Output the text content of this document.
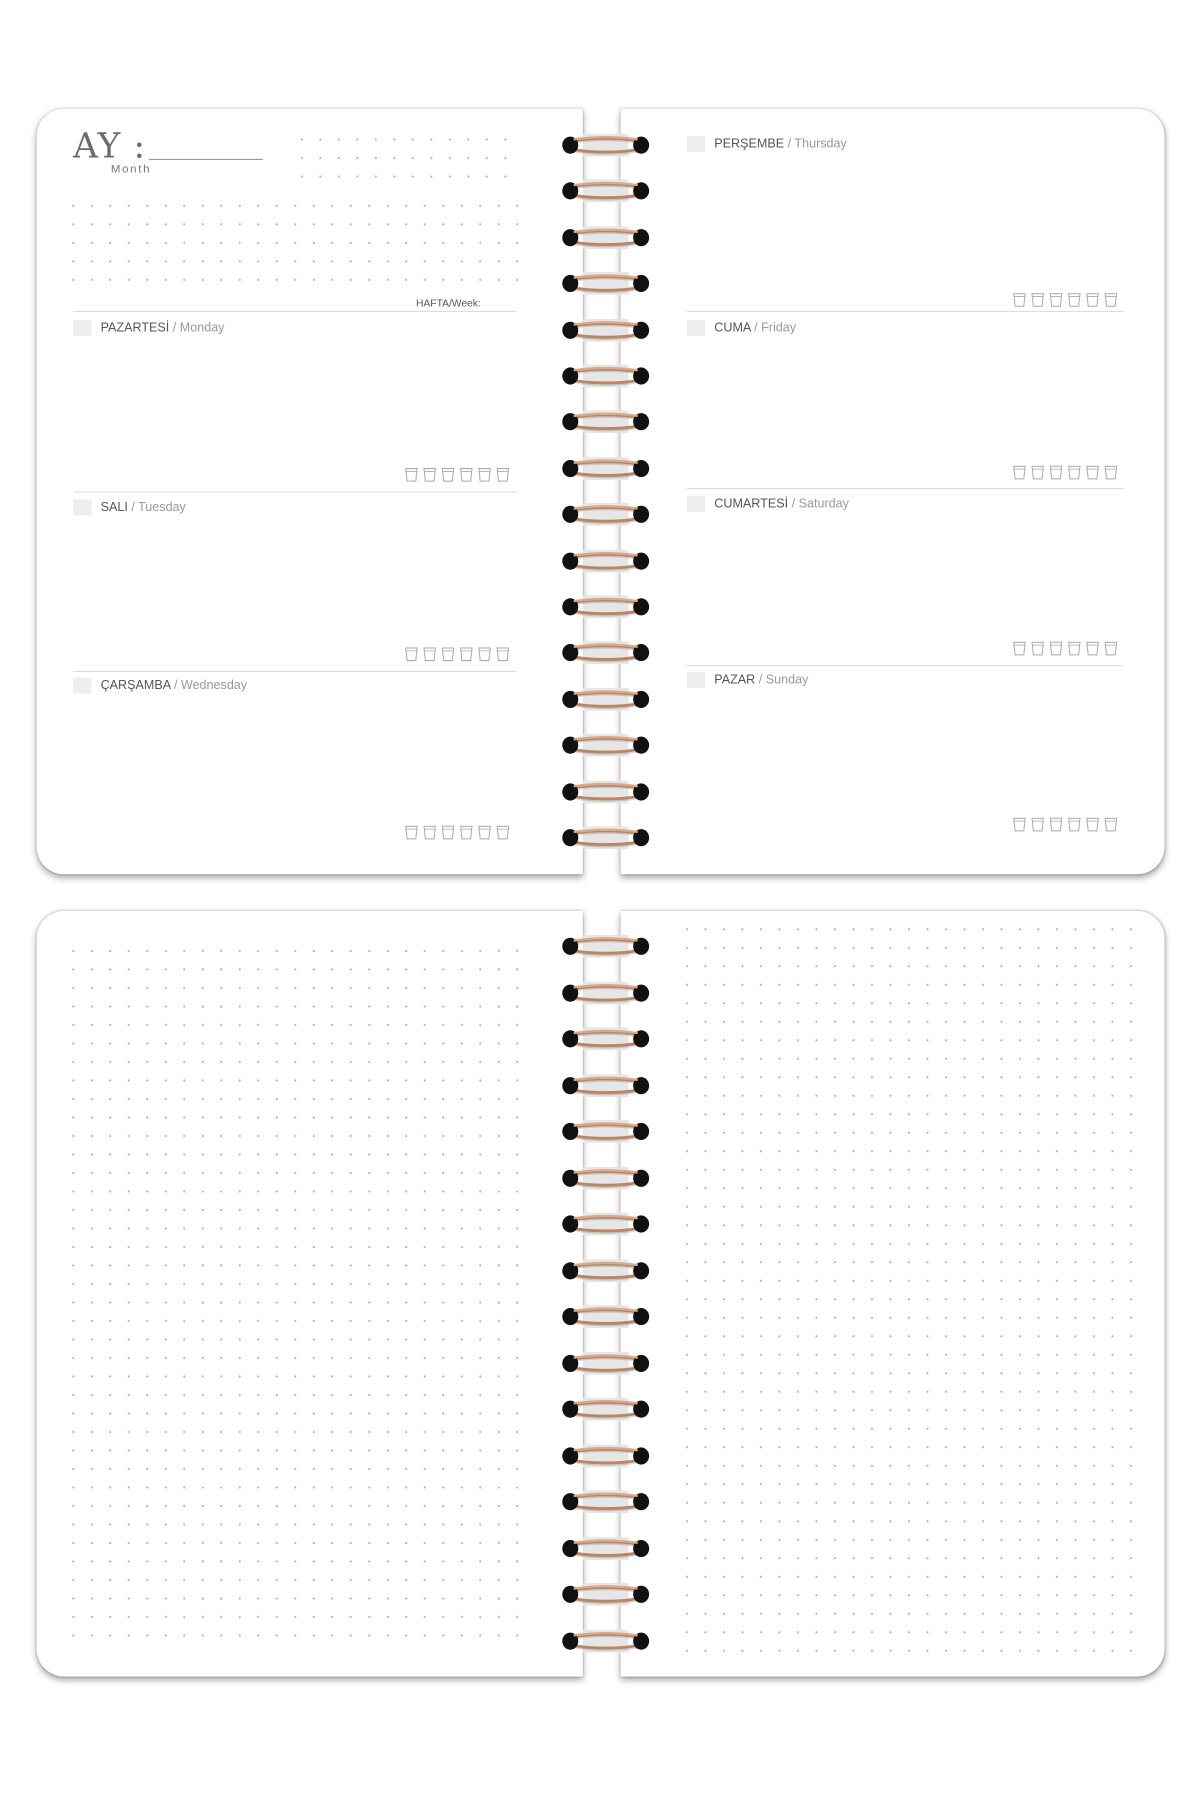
AY :
Month
HAFTA/Week:
PAZARTESİ / Monday
SALI / Tuesday
ÇARŞAMBA / Wednesday
PERŞEMBE / Thursday
CUMA / Friday
CUMARTESİ / Saturday
PAZAR / Sunday
